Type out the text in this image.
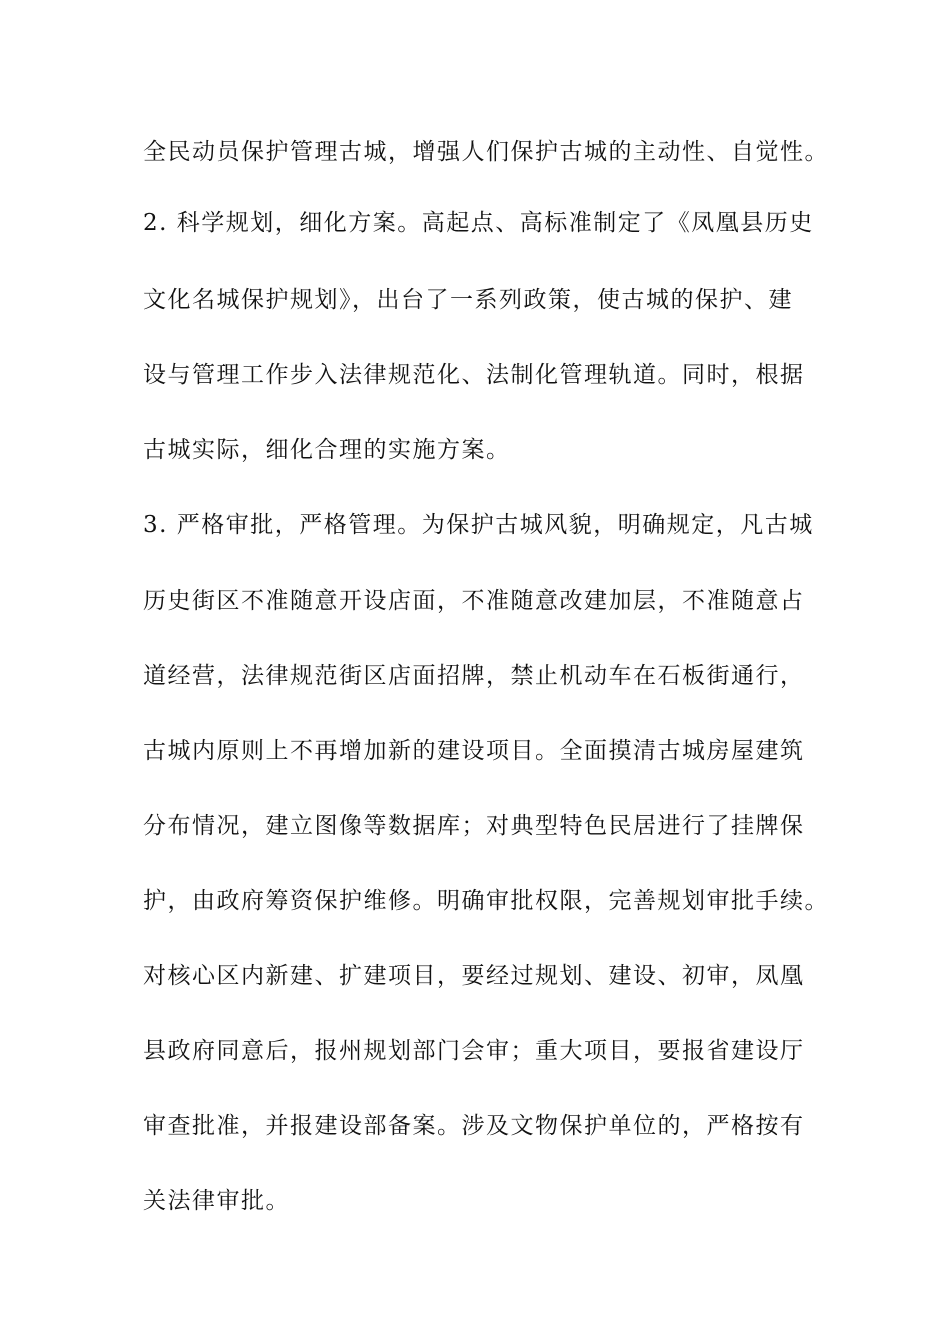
全民动员保护管理古城，增强人们保护古城的主动性、自觉性。
2. 科学规划，细化方案。高起点、高标准制定了《凤凰县历史
文化名城保护规划》，出台了一系列政策，使古城的保护、建
设与管理工作步入法律规范化、法制化管理轨道。同时，根据
古城实际，细化合理的实施方案。
3. 严格审批，严格管理。为保护古城风貌，明确规定，凡古城
历史街区不准随意开设店面，不准随意改建加层，不准随意占
道经营，法律规范街区店面招牌，禁止机动车在石板街通行，
古城内原则上不再增加新的建设项目。全面摸清古城房屋建筑
分布情况，建立图像等数据库；对典型特色民居进行了挂牌保
护，由政府筹资保护维修。明确审批权限，完善规划审批手续。
对核心区内新建、扩建项目，要经过规划、建设、初审，凤凰
县政府同意后，报州规划部门会审；重大项目，要报省建设厅
审查批准，并报建设部备案。涉及文物保护单位的，严格按有
关法律审批。
